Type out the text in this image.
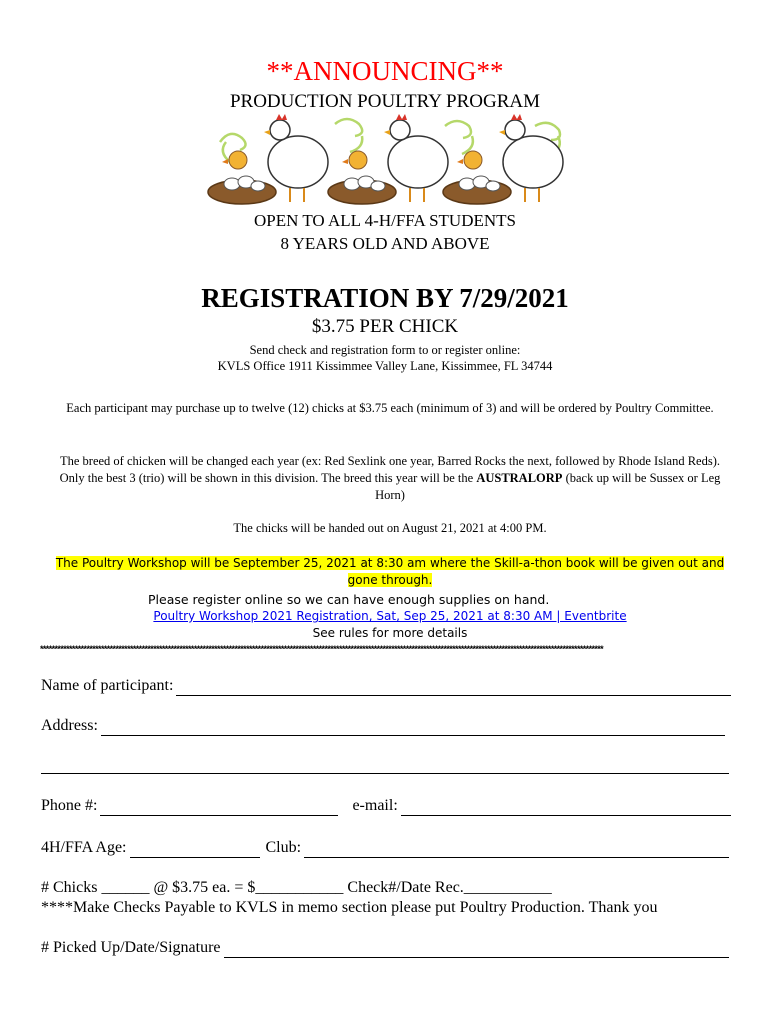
**ANNOUNCING**
PRODUCTION POULTRY PROGRAM
OPEN TO ALL 4-H/FFA STUDENTS
8 YEARS OLD AND ABOVE
REGISTRATION BY 7/29/2021
$3.75 PER CHICK
Send check and registration form to or register online:
KVLS Office 1911 Kissimmee Valley Lane, Kissimmee, FL 34744
Each participant may purchase up to twelve (12) chicks at $3.75 each (minimum of 3) and will be ordered by Poultry Committee.
The breed of chicken will be changed each year (ex: Red Sexlink one year, Barred Rocks the next, followed by Rhode Island Reds). Only the best 3 (trio) will be shown in this division. The breed this year will be the AUSTRALORP (back up will be Sussex or Leg Horn)
The chicks will be handed out on August 21, 2021 at 4:00 PM.
The Poultry Workshop will be September 25, 2021 at 8:30 am where the Skill-a-thon book will be given out and gone through.
Please register online so we can have enough supplies on hand.
Poultry Workshop 2021 Registration, Sat, Sep 25, 2021 at 8:30 AM | Eventbrite
See rules for more details
**************************************************************************************************************************************************************************************************
Name of participant:
Address:
Phone #:	e-mail:
4H/FFA Age:	Club:
# Chicks ______ @ $3.75 ea. = $___________ Check#/Date Rec.___________
****Make Checks Payable to KVLS in memo section please put Poultry Production. Thank you
# Picked Up/Date/Signature
